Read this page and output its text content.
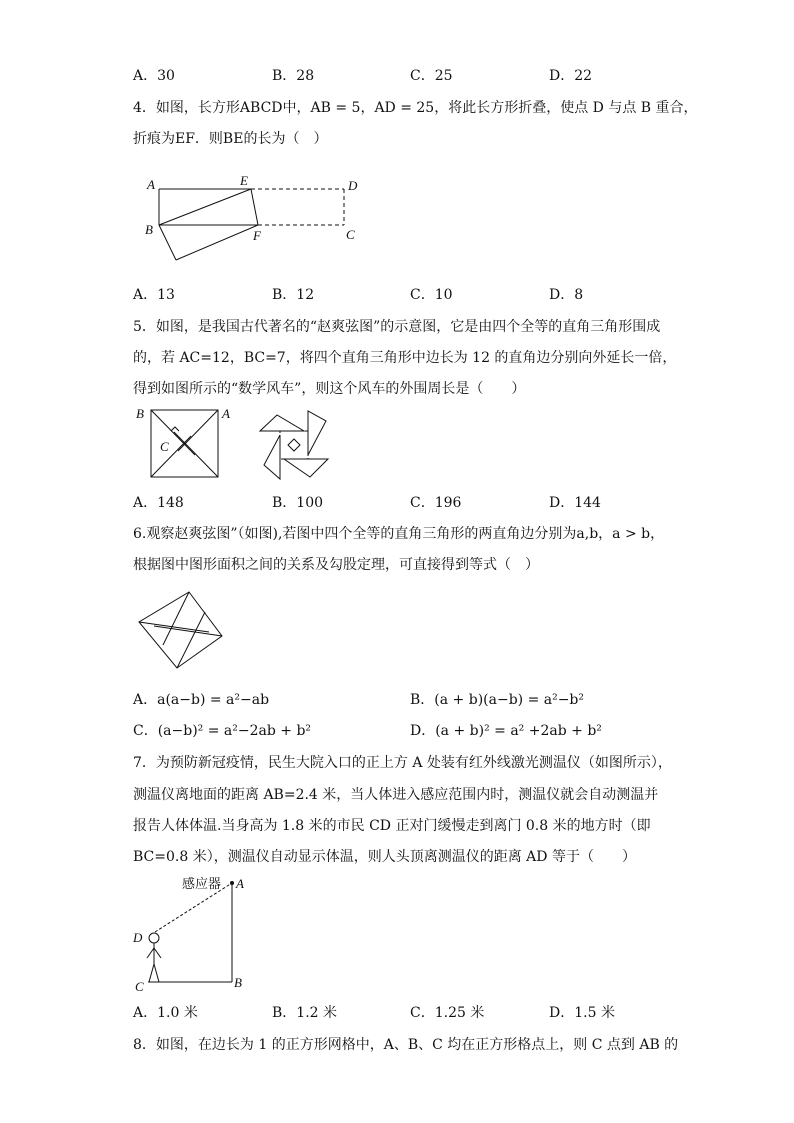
A．30	B．28	C．25	D．22
4．如图，长方形ABCD中，AB = 5，AD = 25，将此长方形折叠，使点 D 与点 B 重合，
折痕为EF．则BE的长为（　）
A	E	D
B	F	C
A．13	B．12	C．10	D．8
5．如图，是我国古代著名的“赵爽弦图”的示意图，它是由四个全等的直角三角形围成
的，若 AC=12，BC=7，将四个直角三角形中边长为 12 的直角边分别向外延长一倍，
得到如图所示的“数学风车”，则这个风车的外围周长是（　　）
B	A
C
A．148	B．100	C．196	D．144
6.观察赵爽弦图”（如图),若图中四个全等的直角三角形的两直角边分别为a,b，a > b，
根据图中图形面积之间的关系及勾股定理，可直接得到等式（　）
A．a(a−b) = a²−ab	B．(a + b)(a−b) = a²−b²
C．(a−b)² = a²−2ab + b²	D．(a + b)² = a² +2ab + b²
7．为预防新冠疫情，民生大院入口的正上方 A 处装有红外线激光测温仪（如图所示），
测温仪离地面的距离 AB=2.4 米，当人体进入感应范围内时，测温仪就会自动测温并
报告人体体温.当身高为 1.8 米的市民 CD 正对门缓慢走到离门 0.8 米的地方时（即
BC=0.8 米），测温仪自动显示体温，则人头顶离测温仪的距离 AD 等于（　　）
感应器 A
D
C	B
A．1.0 米	B．1.2 米	C．1.25 米	D．1.5 米
8．如图，在边长为 1 的正方形网格中，A、B、C 均在正方形格点上，则 C 点到 AB 的
